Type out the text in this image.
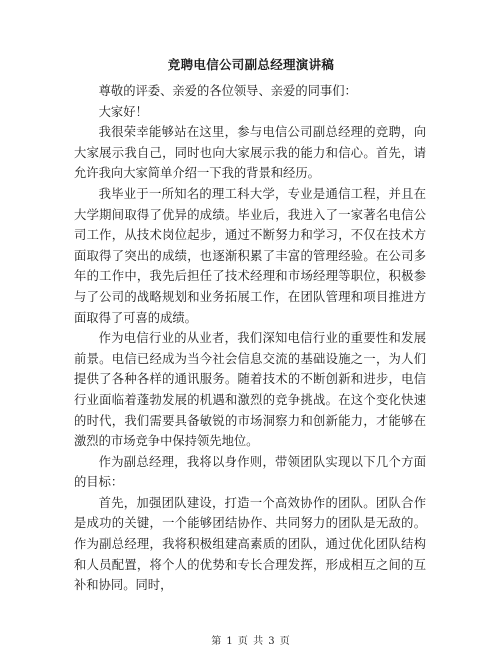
竞聘电信公司副总经理演讲稿

尊敬的评委、亲爱的各位领导、亲爱的同事们：

大家好！

我很荣幸能够站在这里，参与电信公司副总经理的竞聘，向大家展示我自己，同时也向大家展示我的能力和信心。首先，请允许我向大家简单介绍一下我的背景和经历。

我毕业于一所知名的理工科大学，专业是通信工程，并且在大学期间取得了优异的成绩。毕业后，我进入了一家著名电信公司工作，从技术岗位起步，通过不断努力和学习，不仅在技术方面取得了突出的成绩，也逐渐积累了丰富的管理经验。在公司多年的工作中，我先后担任了技术经理和市场经理等职位，积极参与了公司的战略规划和业务拓展工作，在团队管理和项目推进方面取得了可喜的成绩。

作为电信行业的从业者，我们深知电信行业的重要性和发展前景。电信已经成为当今社会信息交流的基础设施之一，为人们提供了各种各样的通讯服务。随着技术的不断创新和进步，电信行业面临着蓬勃发展的机遇和激烈的竞争挑战。在这个变化快速的时代，我们需要具备敏锐的市场洞察力和创新能力，才能够在激烈的市场竞争中保持领先地位。

作为副总经理，我将以身作则，带领团队实现以下几个方面的目标：

首先，加强团队建设，打造一个高效协作的团队。团队合作是成功的关键，一个能够团结协作、共同努力的团队是无敌的。作为副总经理，我将积极组建高素质的团队，通过优化团队结构和人员配置，将个人的优势和专长合理发挥，形成相互之间的互补和协同。同时，

第 1 页 共 3 页
